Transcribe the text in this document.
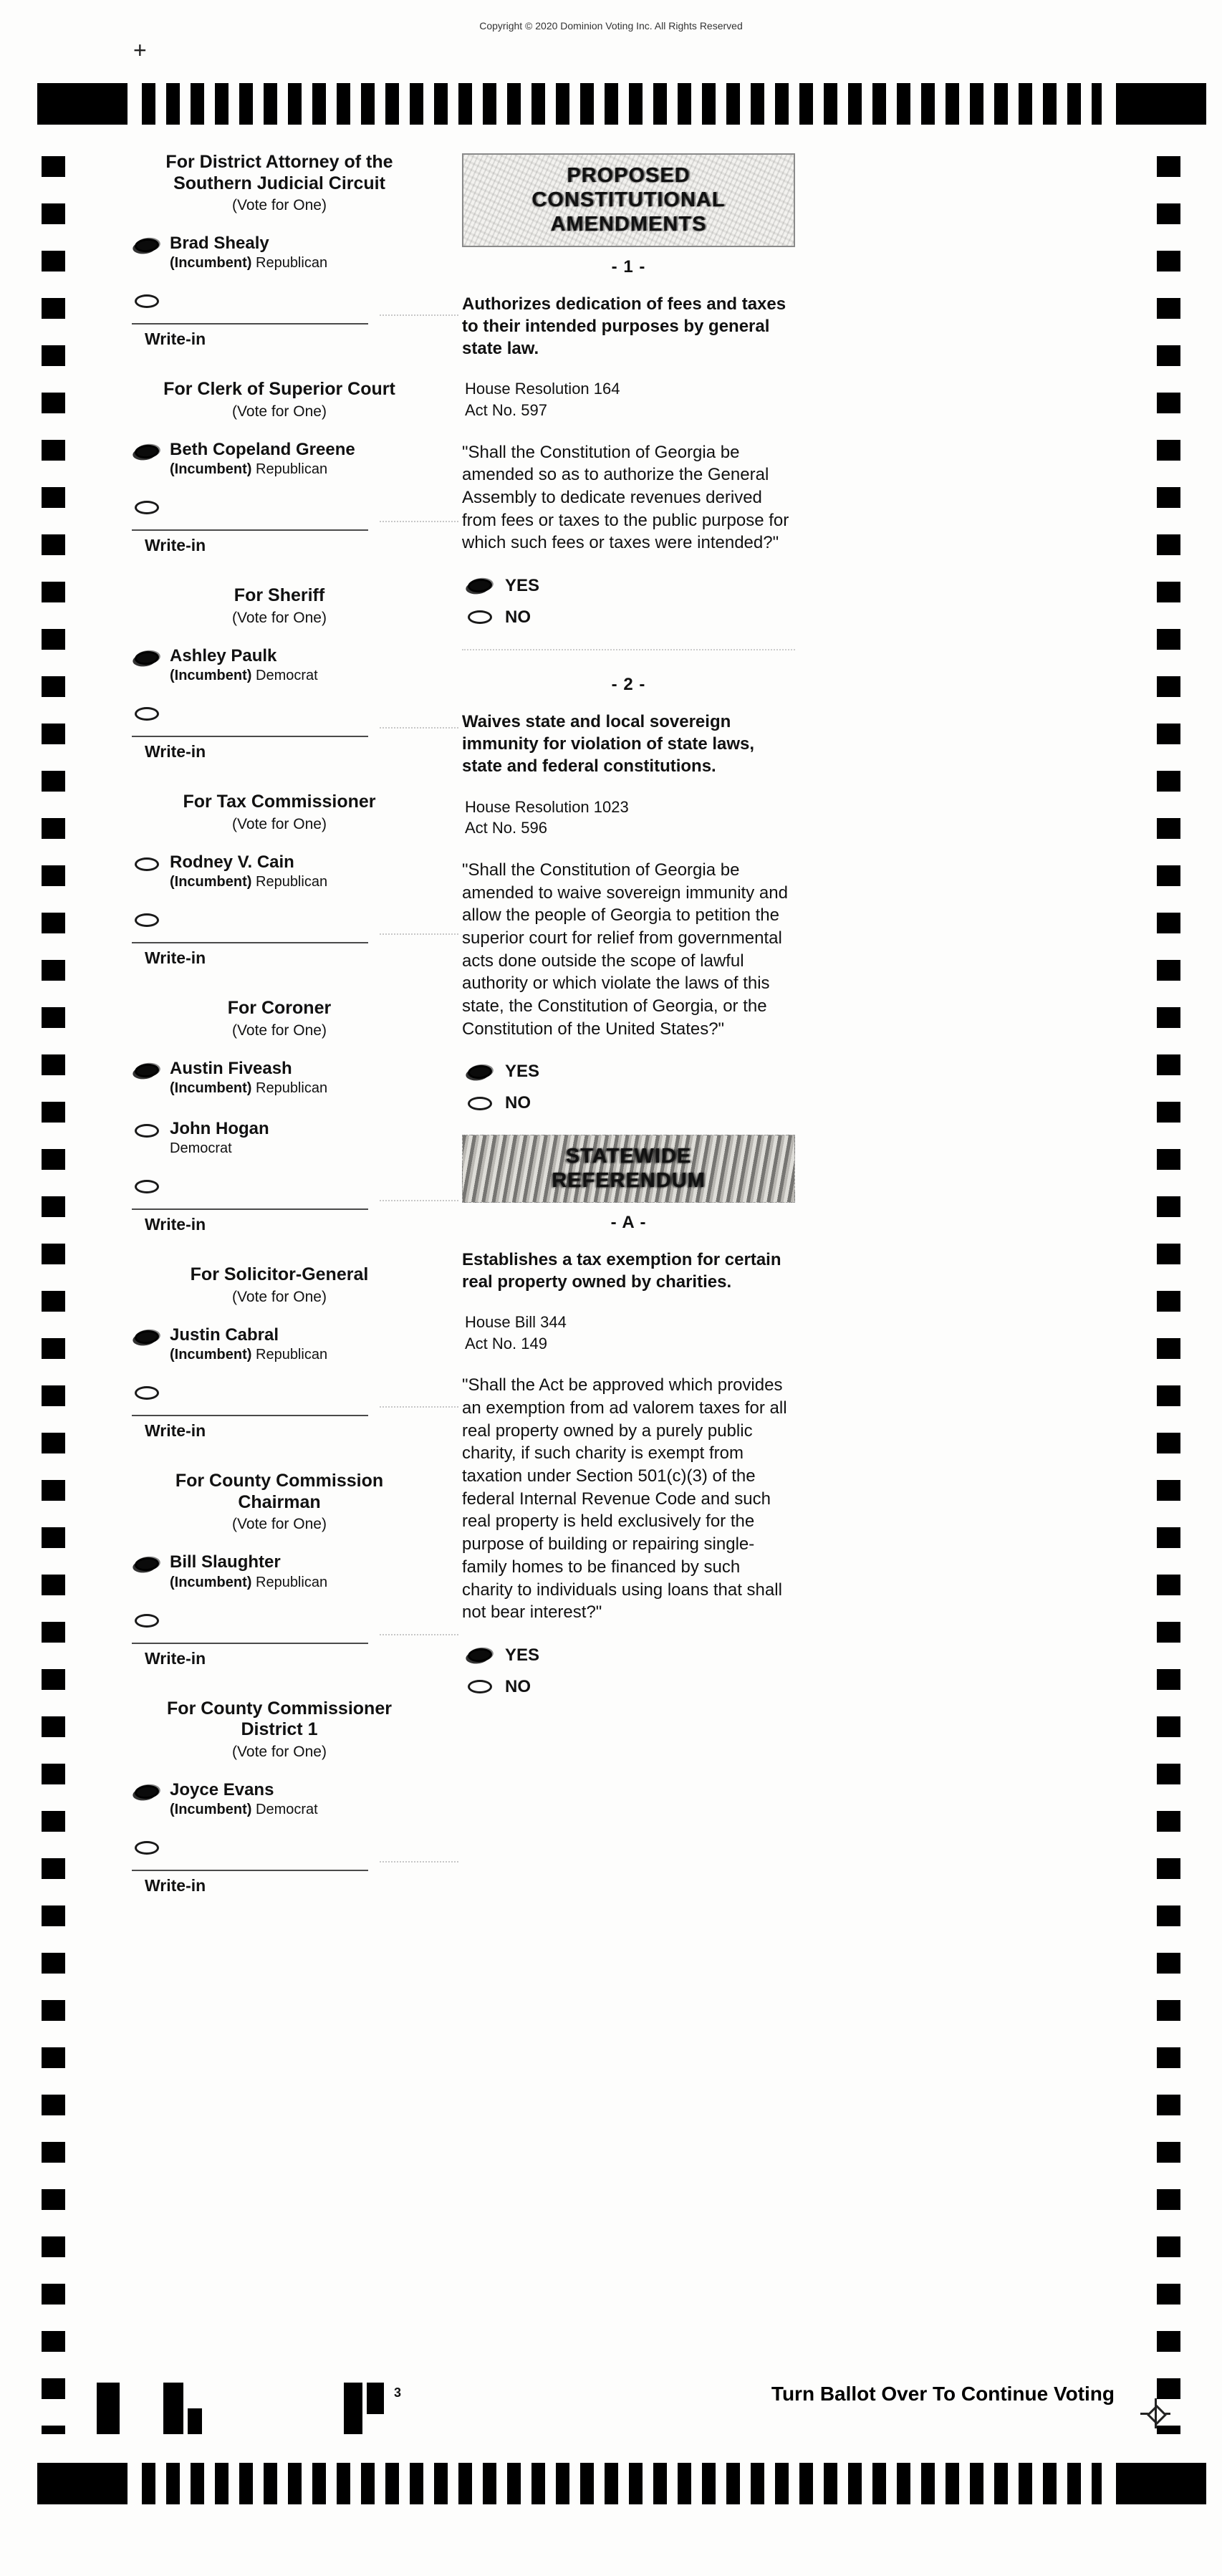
Copyright © 2020 Dominion Voting Inc. All Rights Reserved
+
For District Attorney of the Southern Judicial Circuit
(Vote for One)
Brad Shealy
(Incumbent) Republican
Write-in
For Clerk of Superior Court
(Vote for One)
Beth Copeland Greene
(Incumbent) Republican
Write-in
For Sheriff
(Vote for One)
Ashley Paulk
(Incumbent) Democrat
Write-in
For Tax Commissioner
(Vote for One)
Rodney V. Cain
(Incumbent) Republican
Write-in
For Coroner
(Vote for One)
Austin Fiveash
(Incumbent) Republican
John Hogan
Democrat
Write-in
For Solicitor-General
(Vote for One)
Justin Cabral
(Incumbent) Republican
Write-in
For County Commission Chairman
(Vote for One)
Bill Slaughter
(Incumbent) Republican
Write-in
For County Commissioner District 1
(Vote for One)
Joyce Evans
(Incumbent) Democrat
Write-in
PROPOSED CONSTITUTIONAL AMENDMENTS
- 1 -
Authorizes dedication of fees and taxes to their intended purposes by general state law.
House Resolution 164
Act No. 597
"Shall the Constitution of Georgia be amended so as to authorize the General Assembly to dedicate revenues derived from fees or taxes to the public purpose for which such fees or taxes were intended?"
YES
NO
- 2 -
Waives state and local sovereign immunity for violation of state laws, state and federal constitutions.
House Resolution 1023
Act No. 596
"Shall the Constitution of Georgia be amended to waive sovereign immunity and allow the people of Georgia to petition the superior court for relief from governmental acts done outside the scope of lawful authority or which violate the laws of this state, the Constitution of Georgia, or the Constitution of the United States?"
YES
NO
STATEWIDE REFERENDUM
- A -
Establishes a tax exemption for certain real property owned by charities.
House Bill 344
Act No. 149
"Shall the Act be approved which provides an exemption from ad valorem taxes for all real property owned by a purely public charity, if such charity is exempt from taxation under Section 501(c)(3) of the federal Internal Revenue Code and such real property is held exclusively for the purpose of building or repairing single-family homes to be financed by such charity to individuals using loans that shall not bear interest?"
YES
NO
3	Turn Ballot Over To Continue Voting
